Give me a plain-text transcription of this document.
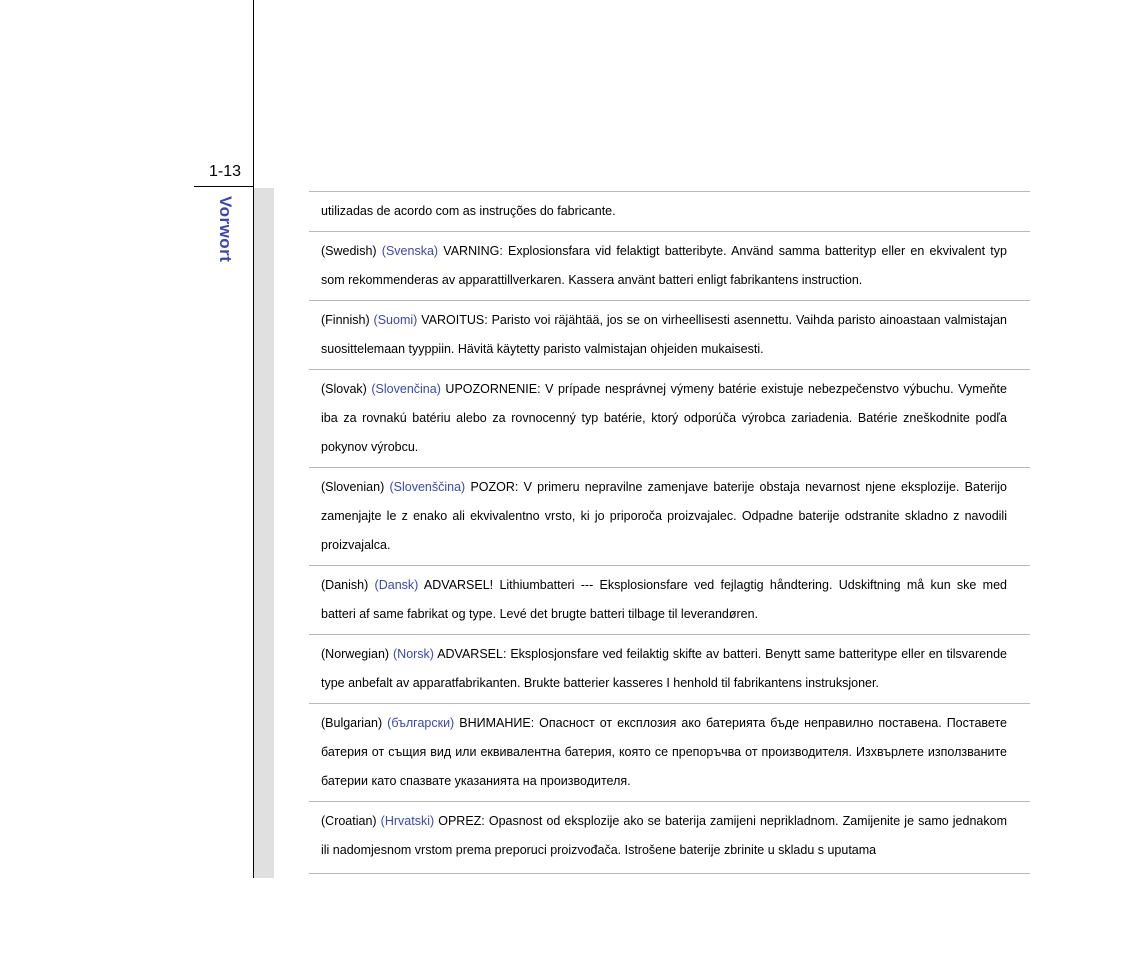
1-13
Vorwort	utilizadas de acordo com as instruções do fabricante.
(Swedish) (Svenska) VARNING: Explosionsfara vid felaktigt batteribyte. Använd samma batterityp eller en ekvivalent typ som rekommenderas av apparattillverkaren. Kassera använt batteri enligt fabrikantens instruction.
(Finnish) (Suomi) VAROITUS: Paristo voi räjähtää, jos se on virheellisesti asennettu. Vaihda paristo ainoastaan valmistajan suosittelemaan tyyppiin. Hävitä käytetty paristo valmistajan ohjeiden mukaisesti.
(Slovak) (Slovenčina) UPOZORNENIE: V prípade nesprávnej výmeny batérie existuje nebezpečenstvo výbuchu. Vymeňte iba za rovnakú batériu alebo za rovnocenný typ batérie, ktorý odporúča výrobca zariadenia. Batérie zneškodnite podľa pokynov výrobcu.
(Slovenian) (Slovenščina) POZOR: V primeru nepravilne zamenjave baterije obstaja nevarnost njene eksplozije. Baterijo zamenjajte le z enako ali ekvivalentno vrsto, ki jo priporoča proizvajalec. Odpadne baterije odstranite skladno z navodili proizvajalca.
(Danish) (Dansk) ADVARSEL! Lithiumbatteri --- Eksplosionsfare ved fejlagtig håndtering. Udskiftning må kun ske med batteri af same fabrikat og type. Levé det brugte batteri tilbage til leverandøren.
(Norwegian) (Norsk) ADVARSEL: Eksplosjonsfare ved feilaktig skifte av batteri. Benytt same batteritype eller en tilsvarende type anbefalt av apparatfabrikanten. Brukte batterier kasseres I henhold til fabrikantens instruksjoner.
(Bulgarian) (български) ВНИМАНИЕ: Опасност от експлозия ако батерията бъде неправилно поставена. Поставете батерия от същия вид или еквивалентна батерия, която се препоръчва от производителя. Изхвърлете използваните батерии като спазвате указанията на производителя.
(Croatian) (Hrvatski) OPREZ: Opasnost od eksplozije ako se baterija zamijeni neprikladnom. Zamijenite je samo jednakom ili nadomjesnom vrstom prema preporuci proizvođača. Istrošene baterije zbrinite u skladu s uputama
